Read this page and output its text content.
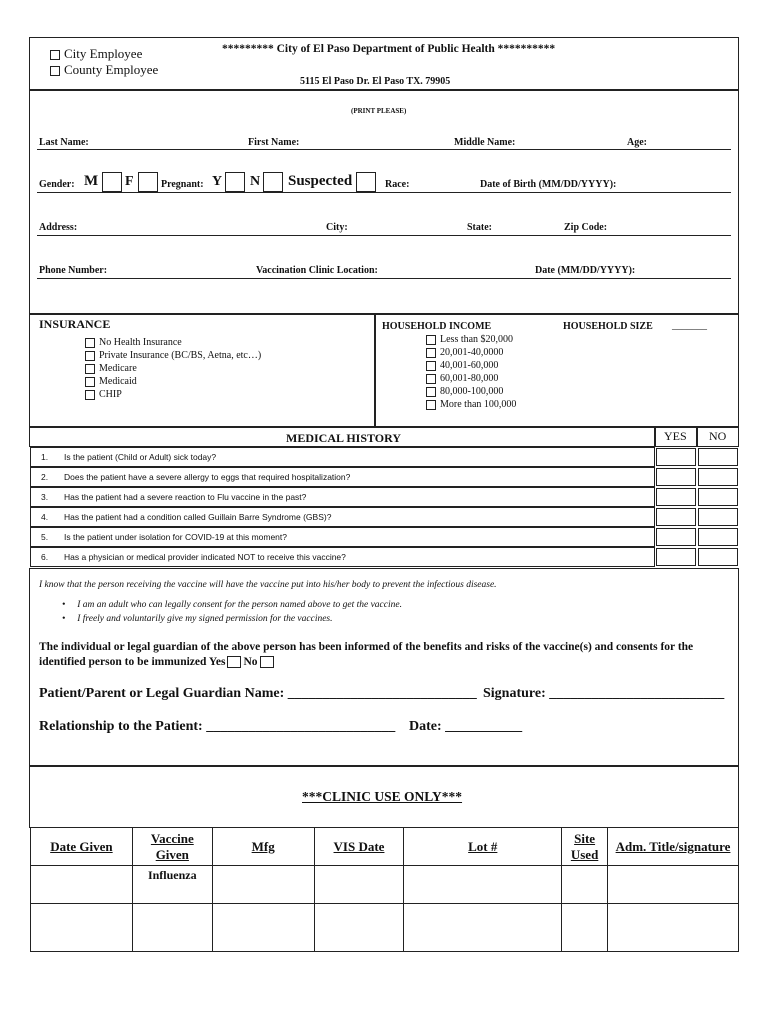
City Employee
County Employee
********* City of El Paso Department of Public Health **********
5115 El Paso Dr. El Paso TX. 79905
(PRINT PLEASE)
Last Name:	First Name:	Middle Name:	Age:
Gender: M F	Pregnant: Y N Suspected	Race:	Date of Birth (MM/DD/YYYY):
Address:	City:	State:	Zip Code:
Phone Number:	Vaccination Clinic Location:	Date (MM/DD/YYYY):
INSURANCE
No Health Insurance
Private Insurance (BC/BS, Aetna, etc…)
Medicare
Medicaid
CHIP
HOUSEHOLD INCOME	HOUSEHOLD SIZE _______
Less than $20,000
20,001-40,0000
40,001-60,000
60,001-80,000
80,000-100,000
More than 100,000
MEDICAL HISTORY	YES NO
1. Is the patient (Child or Adult) sick today?
2. Does the patient have a severe allergy to eggs that required hospitalization?
3. Has the patient had a severe reaction to Flu vaccine in the past?
4. Has the patient had a condition called Guillain Barre Syndrome (GBS)?
5. Is the patient under isolation for COVID-19 at this moment?
6. Has a physician or medical provider indicated NOT to receive this vaccine?
I know that the person receiving the vaccine will have the vaccine put into his/her body to prevent the infectious disease.
• I am an adult who can legally consent for the person named above to get the vaccine.
• I freely and voluntarily give my signed permission for the vaccines.
The individual or legal guardian of the above person has been informed of the benefits and risks of the vaccine(s) and consents for the identified person to be immunized Yes No
Patient/Parent or Legal Guardian Name: ___________________________ Signature: _________________________
Relationship to the Patient: ___________________________ Date: ___________
***CLINIC USE ONLY***
Date Given	Vaccine Given	Mfg	VIS Date	Lot #	Site Used	Adm. Title/signature
	Influenza					
